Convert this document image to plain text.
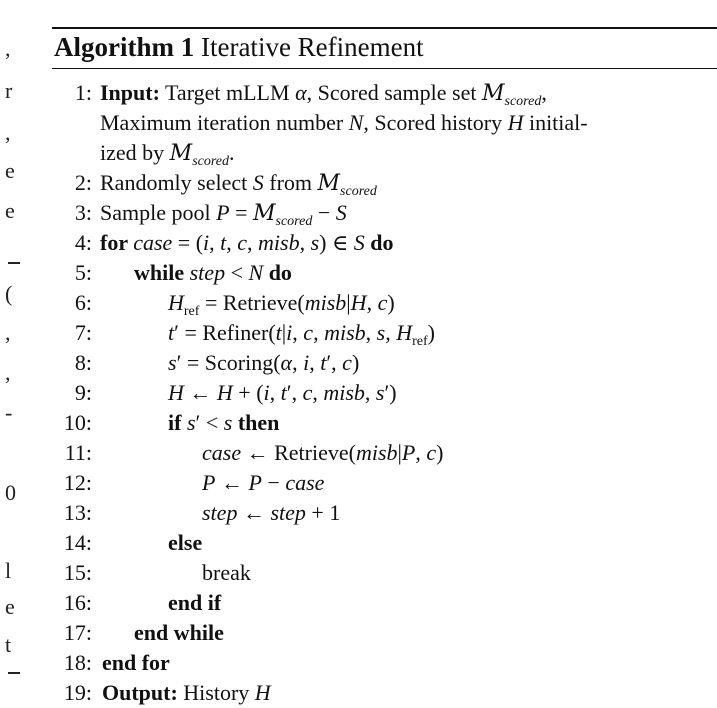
,
r
,
e
e
(
,
,
-
0
l
e
t
Algorithm 1 Iterative Refinement
1: Input: Target mLLM α, Scored sample set $M_{scored}$,
Maximum iteration number N, Scored history H initial-
ized by $M_{scored}$.
2: Randomly select S from $M_{scored}$
3: Sample pool $P = M_{scored} - S$
4: for case = (i, t, c, misb, s) ∈ S do
5: while step < N do
6:	$H_{ref}$ = Retrieve(misb|H, c)
7:	t′ = Refiner(t|i, c, misb, s, $H_{ref}$)
8:	s′ = Scoring(α, i, t′, c)
9:	H ← H + (i, t′, c, misb, s′)
10:	if s′ < s then
11:	case ← Retrieve(misb|P, c)
12:	P ← P − case
13:	step ← step + 1
14:	else
15:	break
16:	end if
17: end while
18: end for
19: Output: History H
